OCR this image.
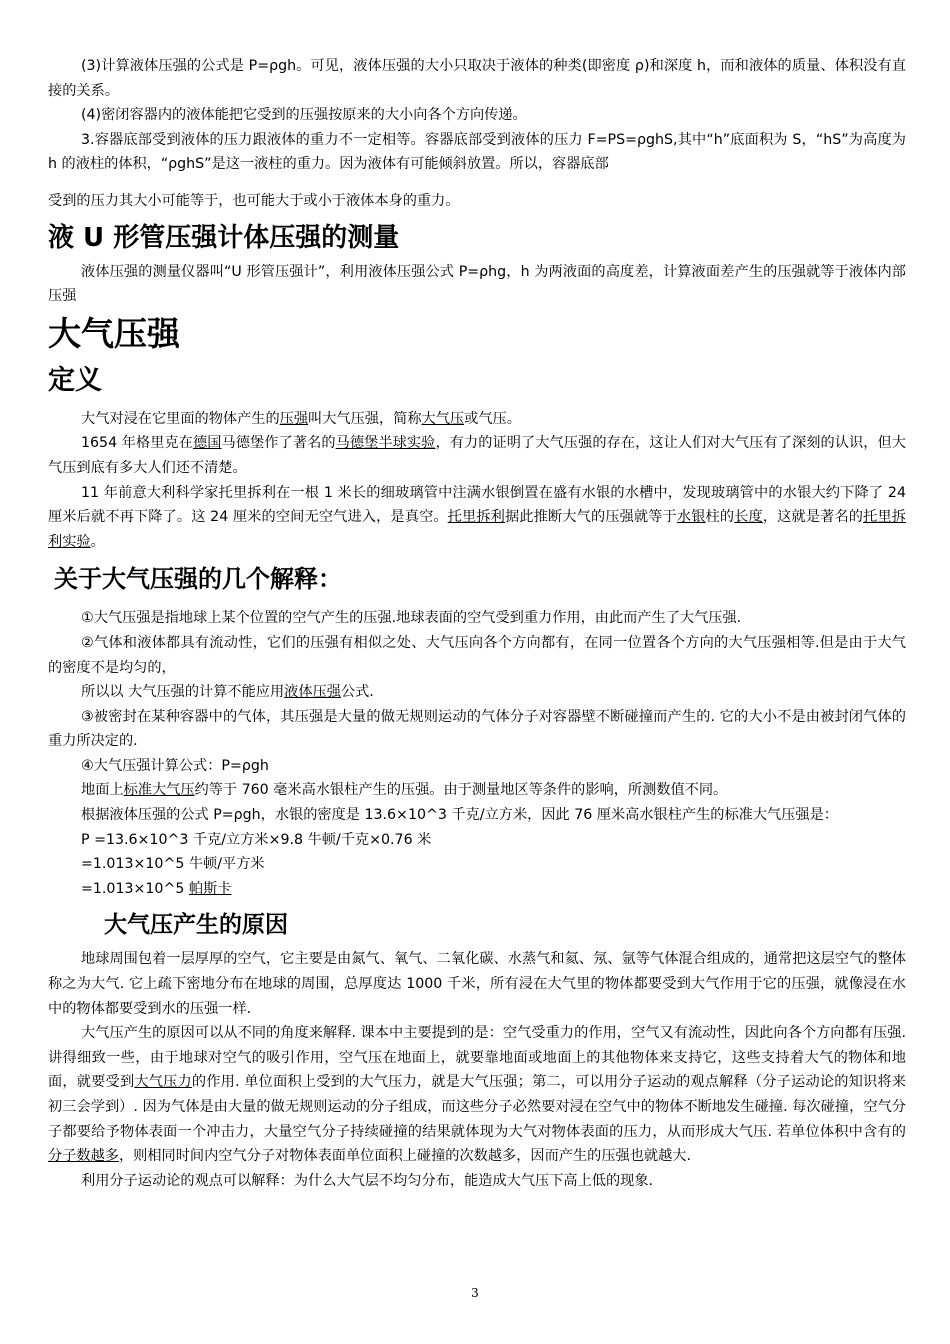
(3)计算液体压强的公式是 P=ρgh。可见，液体压强的大小只取决于液体的种类(即密度 ρ)和深度 h，而和液体的质量、体积没有直接的关系。

(4)密闭容器内的液体能把它受到的压强按原来的大小向各个方向传递。

3.容器底部受到液体的压力跟液体的重力不一定相等。容器底部受到液体的压力 F=PS=ρghS,其中“h”底面积为 S，“hS”为高度为 h 的液柱的体积，“ρghS”是这一液柱的重力。因为液体有可能倾斜放置。所以，容器底部

受到的压力其大小可能等于，也可能大于或小于液体本身的重力。

液 U 形管压强计体压强的测量

液体压强的测量仪器叫“U 形管压强计”，利用液体压强公式 P=ρhg，h 为两液面的高度差，计算液面差产生的压强就等于液体内部压强

大气压强
定义

大气对浸在它里面的物体产生的压强叫大气压强，简称大气压或气压。

1654 年格里克在德国马德堡作了著名的马德堡半球实验，有力的证明了大气压强的存在，这让人们对大气压有了深刻的认识，但大气压到底有多大人们还不清楚。

11 年前意大利科学家托里拆利在一根 1 米长的细玻璃管中注满水银倒置在盛有水银的水槽中，发现玻璃管中的水银大约下降了 24 厘米后就不再下降了。这 24 厘米的空间无空气进入，是真空。托里拆利据此推断大气的压强就等于水银柱的长度，这就是著名的托里拆利实验。

关于大气压强的几个解释：

①大气压强是指地球上某个位置的空气产生的压强.地球表面的空气受到重力作用，由此而产生了大气压强.

②气体和液体都具有流动性，它们的压强有相似之处、大气压向各个方向都有，在同一位置各个方向的大气压强相等.但是由于大气的密度不是均匀的，

所以以 大气压强的计算不能应用液体压强公式.

③被密封在某种容器中的气体，其压强是大量的做无规则运动的气体分子对容器壁不断碰撞而产生的. 它的大小不是由被封闭气体的重力所决定的.

④大气压强计算公式：P=ρgh

地面上标准大气压约等于 760 毫米高水银柱产生的压强。由于测量地区等条件的影响，所测数值不同。

根据液体压强的公式 P=ρgh，水银的密度是 13.6×10^3 千克/立方米，因此 76 厘米高水银柱产生的标准大气压强是：

P =13.6×10^3 千克/立方米×9.8 牛顿/千克×0.76 米

=1.013×10^5 牛顿/平方米

=1.013×10^5 帕斯卡

大气压产生的原因

地球周围包着一层厚厚的空气，它主要是由氮气、氧气、二氧化碳、水蒸气和氦、氖、氩等气体混合组成的，通常把这层空气的整体称之为大气. 它上疏下密地分布在地球的周围，总厚度达 1000 千米，所有浸在大气里的物体都要受到大气作用于它的压强，就像浸在水中的物体都要受到水的压强一样.

大气压产生的原因可以从不同的角度来解释. 课本中主要提到的是：空气受重力的作用，空气又有流动性，因此向各个方向都有压强. 讲得细致一些，由于地球对空气的吸引作用，空气压在地面上，就要靠地面或地面上的其他物体来支持它，这些支持着大气的物体和地面，就要受到大气压力的作用. 单位面积上受到的大气压力，就是大气压强；第二，可以用分子运动的观点解释（分子运动论的知识将来初三会学到）. 因为气体是由大量的做无规则运动的分子组成，而这些分子必然要对浸在空气中的物体不断地发生碰撞. 每次碰撞，空气分子都要给予物体表面一个冲击力，大量空气分子持续碰撞的结果就体现为大气对物体表面的压力，从而形成大气压. 若单位体积中含有的分子数越多，则相同时间内空气分子对物体表面单位面积上碰撞的次数越多，因而产生的压强也就越大.

利用分子运动论的观点可以解释：为什么大气层不均匀分布，能造成大气压下高上低的现象.

3
